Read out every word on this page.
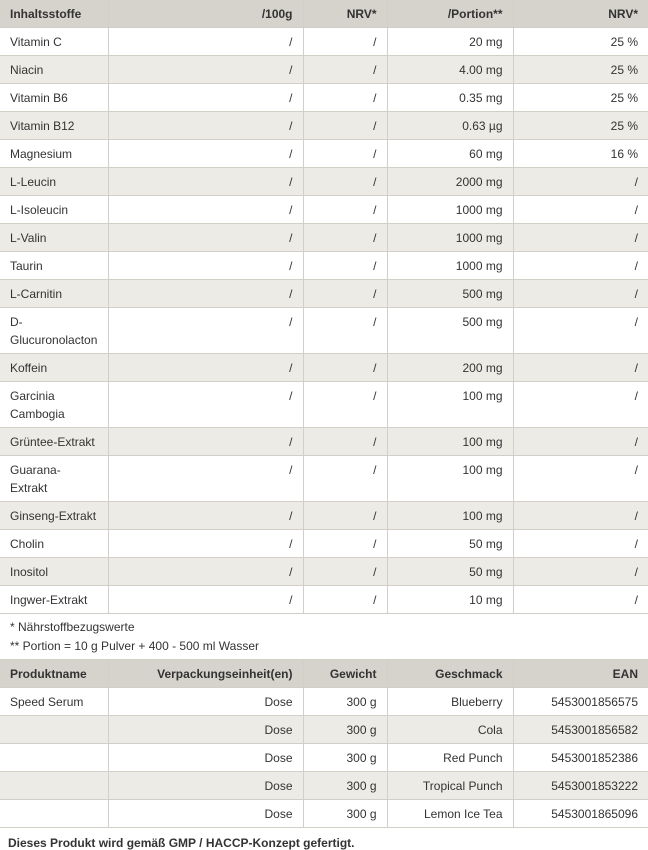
Inhaltsstoffe	/100g	NRV*	/Portion**	NRV*
Vitamin C	/	/	20 mg	25 %
Niacin	/	/	4.00 mg	25 %
Vitamin B6	/	/	0.35 mg	25 %
Vitamin B12	/	/	0.63 µg	25 %
Magnesium	/	/	60 mg	16 %
L-Leucin	/	/	2000 mg	/
L-Isoleucin	/	/	1000 mg	/
L-Valin	/	/	1000 mg	/
Taurin	/	/	1000 mg	/
L-Carnitin	/	/	500 mg	/
D-
Glucuronolacton	/	/	500 mg	/
Koffein	/	/	200 mg	/
Garcinia
Cambogia	/	/	100 mg	/
Grüntee-Extrakt	/	/	100 mg	/
Guarana-
Extrakt	/	/	100 mg	/
Ginseng-Extrakt	/	/	100 mg	/
Cholin	/	/	50 mg	/
Inositol	/	/	50 mg	/
Ingwer-Extrakt	/	/	10 mg	/
* Nährstoffbezugswerte
** Portion = 10 g Pulver + 400 - 500 ml Wasser
Produktname	Verpackungseinheit(en)	Gewicht	Geschmack	EAN
Speed Serum	Dose	300 g	Blueberry	5453001856575
	Dose	300 g	Cola	5453001856582
	Dose	300 g	Red Punch	5453001852386
	Dose	300 g	Tropical Punch	5453001853222
	Dose	300 g	Lemon Ice Tea	5453001865096
Dieses Produkt wird gemäß GMP / HACCP-Konzept gefertigt.
